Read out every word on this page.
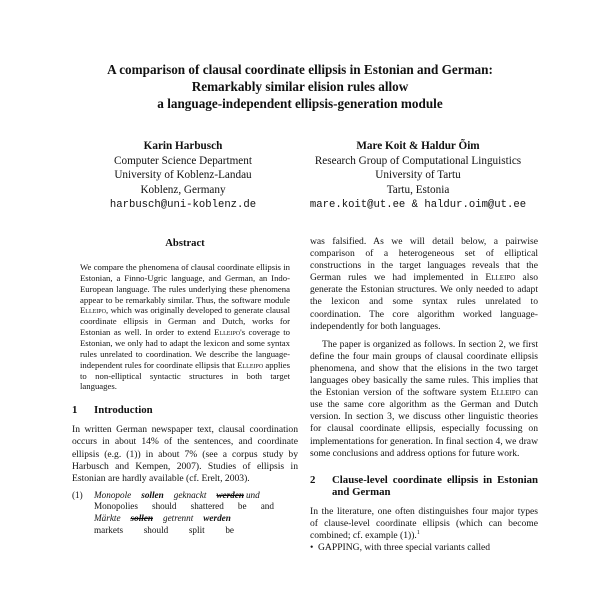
A comparison of clausal coordinate ellipsis in Estonian and German:
Remarkably similar elision rules allow
a language-independent ellipsis-generation module
Karin Harbusch
Computer Science Department
University of Koblenz-Landau
Koblenz, Germany
harbusch@uni-koblenz.de
Mare Koit & Haldur Õim
Research Group of Computational Linguistics
University of Tartu
Tartu, Estonia
mare.koit@ut.ee & haldur.oim@ut.ee
Abstract

We compare the phenomena of clausal coordinate ellipsis in Estonian, a Finno-Ugric language, and German, an Indo-European language. The rules underlying these phenomena appear to be remarkably similar. Thus, the software module Elleipo, which was originally developed to generate clausal coordinate ellipsis in German and Dutch, works for Estonian as well. In order to extend Elleipo's coverage to Estonian, we only had to adapt the lexicon and some syntax rules unrelated to coordination. We describe the language-independent rules for coordinate ellipsis that Elleipo applies to non-elliptical syntactic structures in both target languages.

1	Introduction

In written German newspaper text, clausal coordination occurs in about 14% of the sentences, and coordinate ellipsis (e.g. (1)) in about 7% (see a corpus study by Harbusch and Kempen, 2007). Studies of ellipsis in Estonian are hardly available (cf. Erelt, 2003).

(1)	Monopole sollen geknackt werden und
Monopolies should shattered be and
Märkte sollen getrennt werden
markets should split be

was falsified. As we will detail below, a pairwise comparison of a heterogeneous set of elliptical constructions in the target languages reveals that the German rules we had implemented in Elleipo also generate the Estonian structures. We only needed to adapt the lexicon and some syntax rules unrelated to coordination. The core algorithm worked language-independently for both languages.

The paper is organized as follows. In section 2, we first define the four main groups of clausal coordinate ellipsis phenomena, and show that the elisions in the two target languages obey basically the same rules. This implies that the Estonian version of the software system Elleipo can use the same core algorithm as the German and Dutch version. In section 3, we discuss other linguistic theories for clausal coordinate ellipsis, especially focussing on implementations for generation. In final section 4, we draw some conclusions and address options for future work.

2	Clause-level coordinate ellipsis in Estonian and German

In the literature, one often distinguishes four major types of clause-level coordinate ellipsis (which can become combined; cf. example (1)).$^1$

• GAPPING, with three special variants called
